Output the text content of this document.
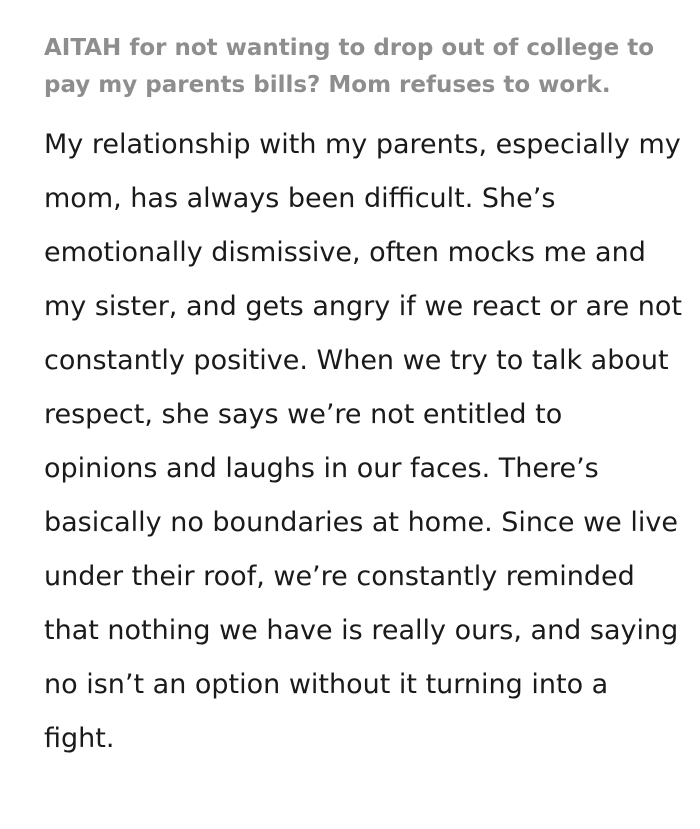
AITAH for not wanting to drop out of college to pay my parents bills? Mom refuses to work.

My relationship with my parents, especially my mom, has always been difficult. She’s emotionally dismissive, often mocks me and my sister, and gets angry if we react or are not constantly positive. When we try to talk about respect, she says we’re not entitled to opinions and laughs in our faces. There’s basically no boundaries at home. Since we live under their roof, we’re constantly reminded that nothing we have is really ours, and saying no isn’t an option without it turning into a fight.
